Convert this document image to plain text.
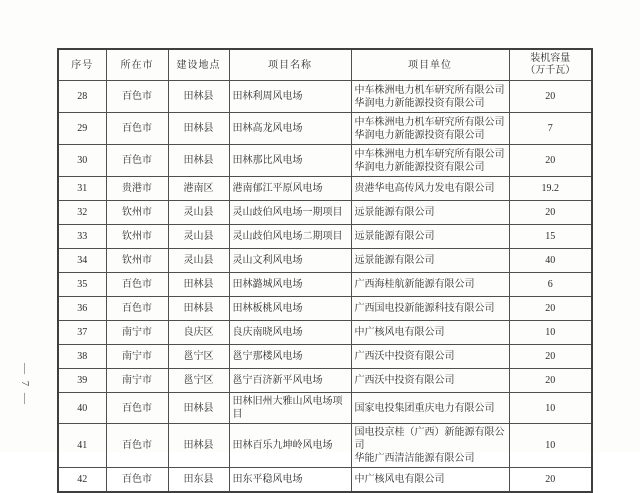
— 7 —
序号	所在市	建设地点	项目名称	项目单位	装机容量
（万千瓦）

28	百色市	田林县	田林利周风电场	中车株洲电力机车研究所有限公司
华润电力新能源投资有限公司	20
29	百色市	田林县	田林高龙风电场	中车株洲电力机车研究所有限公司
华润电力新能源投资有限公司	7
30	百色市	田林县	田林那比风电场	中车株洲电力机车研究所有限公司
华润电力新能源投资有限公司	20
31	贵港市	港南区	港南郁江平原风电场	贵港华电高传风力发电有限公司	19.2
32	钦州市	灵山县	灵山歧伯风电场一期项目	远景能源有限公司	20
33	钦州市	灵山县	灵山歧伯风电场二期项目	远景能源有限公司	15
34	钦州市	灵山县	灵山文利风电场	远景能源有限公司	40
35	百色市	田林县	田林潞城风电场	广西海桂航新能源有限公司	6
36	百色市	田林县	田林板桃风电场	广西国电投新能源科技有限公司	20
37	南宁市	良庆区	良庆南晓风电场	中广核风电有限公司	10
38	南宁市	邕宁区	邕宁那楼风电场	广西沃中投资有限公司	20
39	南宁市	邕宁区	邕宁百济新平风电场	广西沃中投资有限公司	20
40	百色市	田林县	田林旧州大雅山风电场项目	国家电投集团重庆电力有限公司	10
41	百色市	田林县	田林百乐九坤岭风电场	国电投京桂（广西）新能源有限公司
华能广西清洁能源有限公司	10
42	百色市	田东县	田东平稳风电场	中广核风电有限公司	20
